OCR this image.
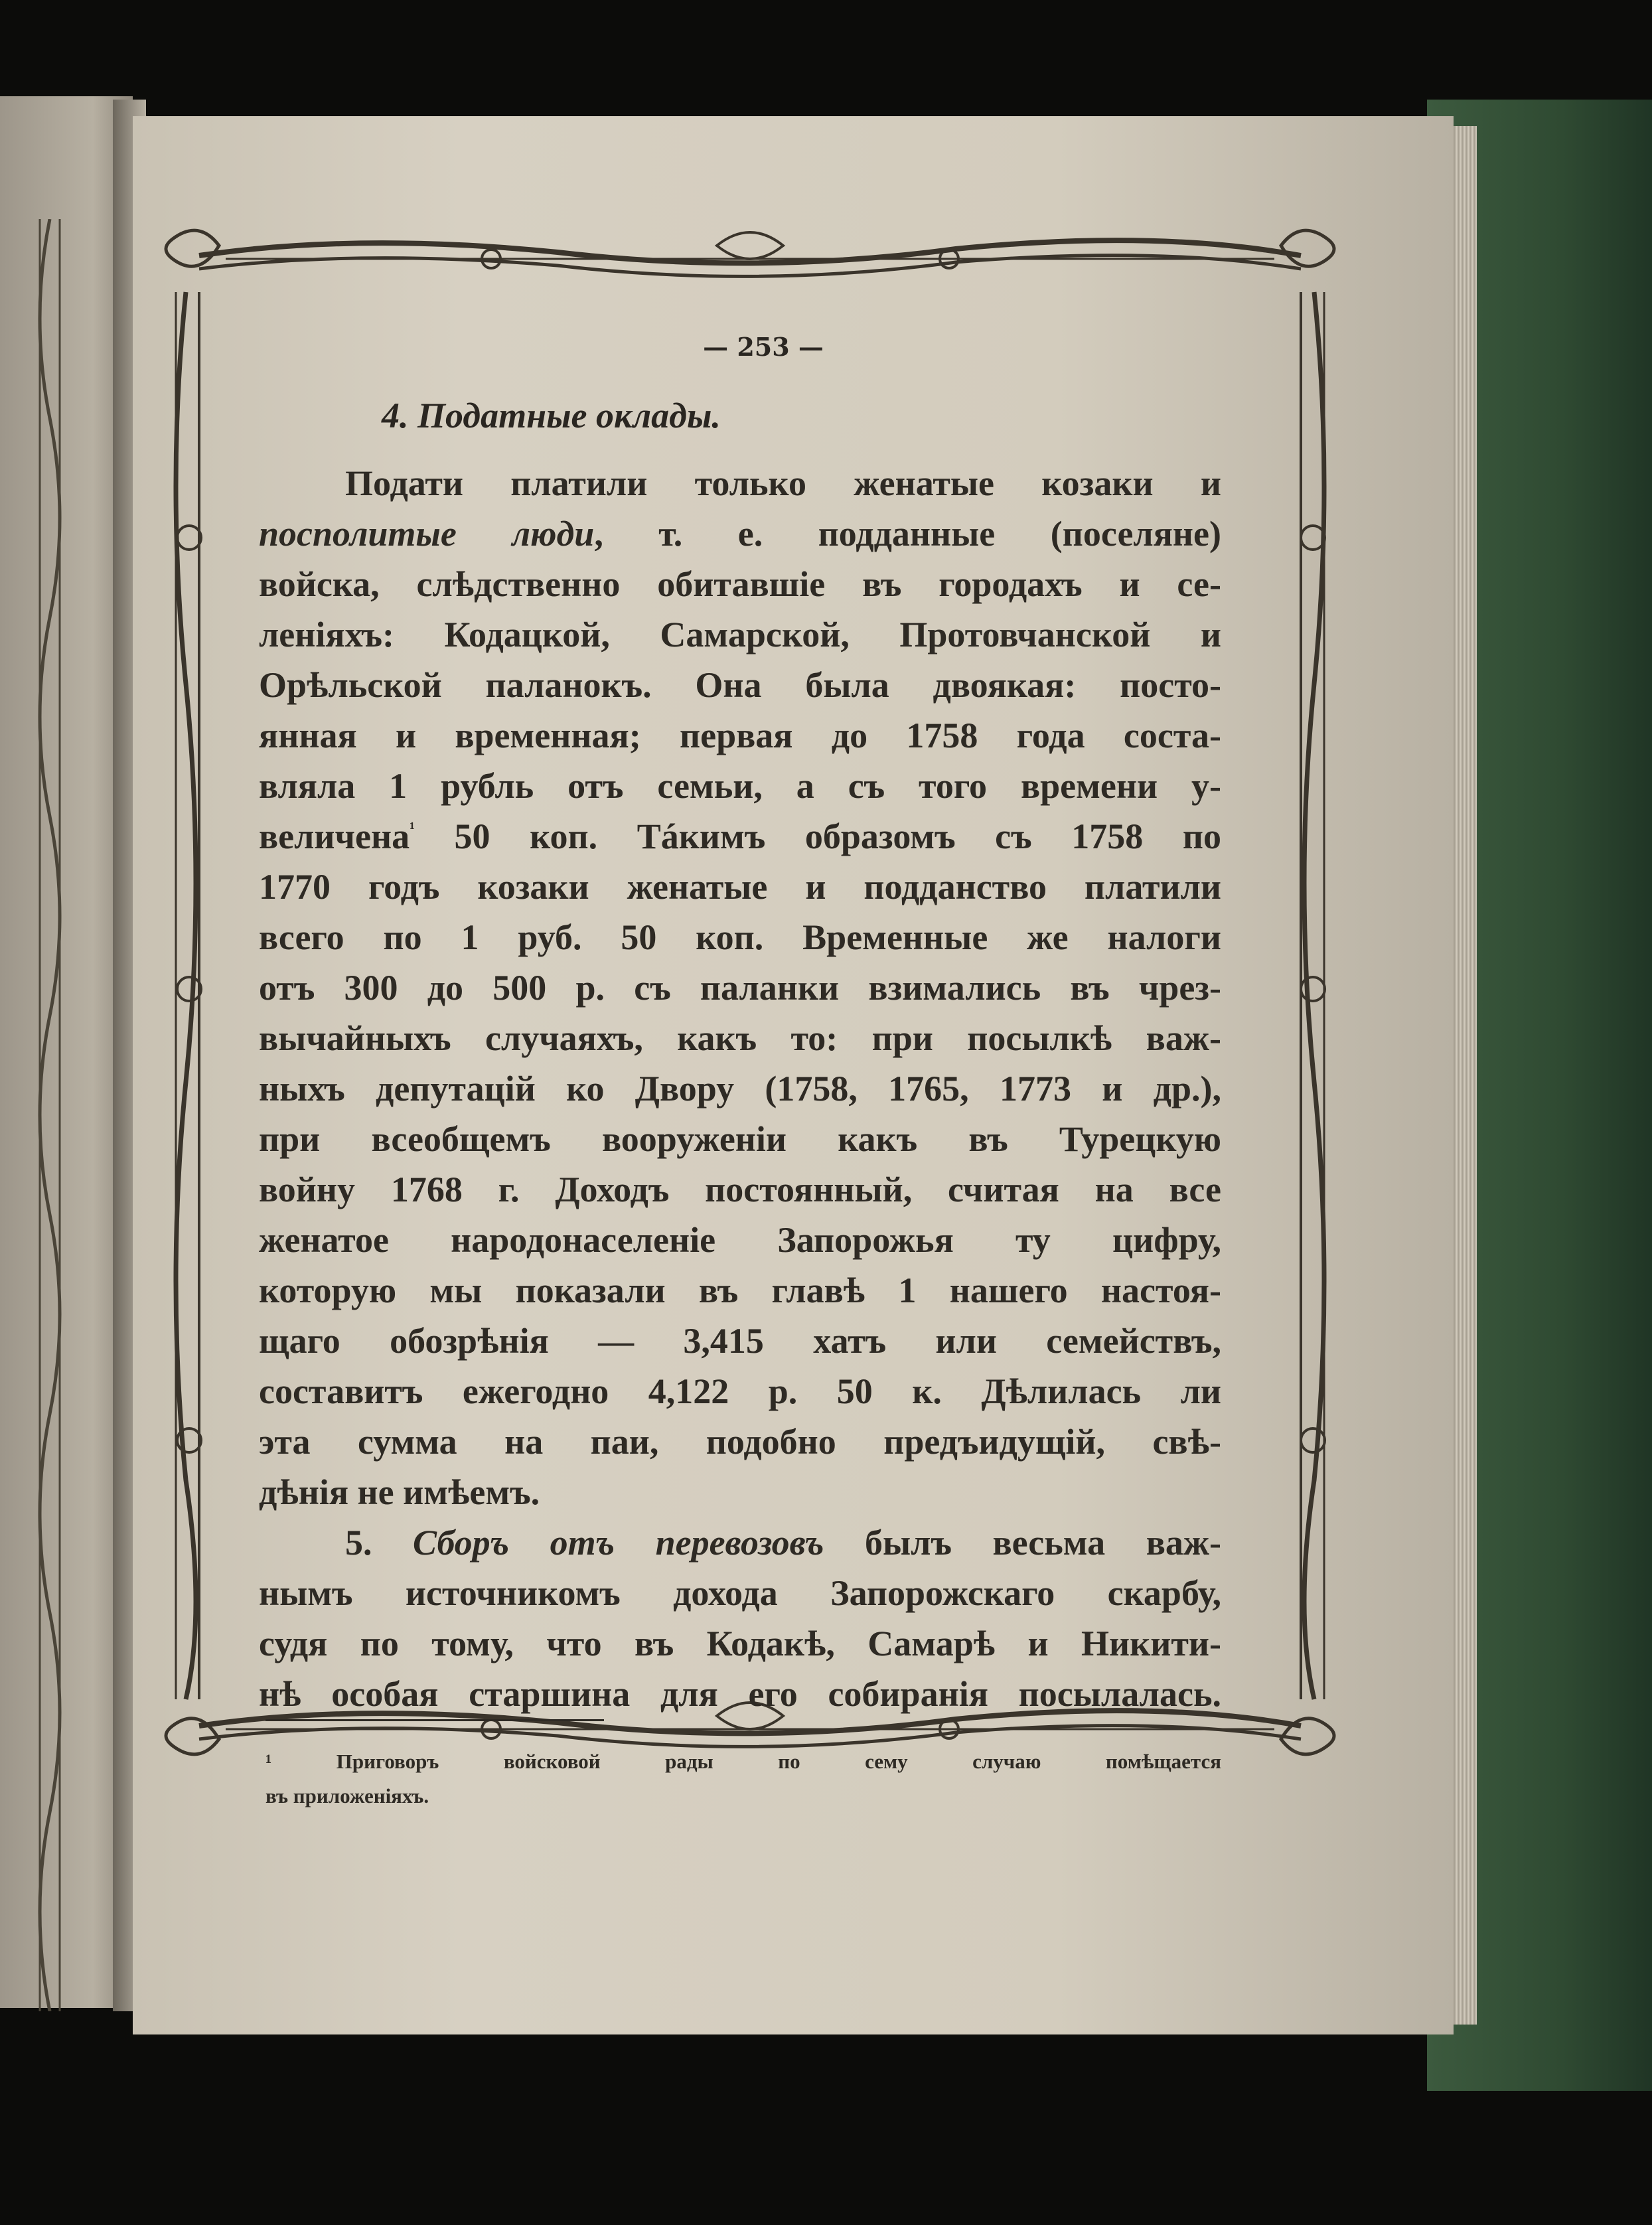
— 253 —
4. Податные оклады.
Подати платили только женатые козаки и
посполитые люди, т. е. подданные (поселяне)
войска, слѣдственно обитавшiе въ городахъ и се-
ленiяхъ: Кодацкой, Самарской, Протовчанской и
Орѣльской паланокъ. Она была двоякая: посто-
янная и временная; первая до 1758 года соста-
вляла 1 рубль отъ семьи, а съ того времени у-
величена$^{^1}$ 50 коп. Тáкимъ образомъ съ 1758 по
1770 годъ козаки женатые и подданство платили
всего по 1 руб. 50 коп. Временные же налоги
отъ 300 до 500 р. съ паланки взимались въ чрез-
вычайныхъ случаяхъ, какъ то: при посылкѣ важ-
ныхъ депутацiй ко Двору (1758, 1765, 1773 и др.),
при всеобщемъ вооруженiи какъ въ Турецкую
войну 1768 г. Доходъ постоянный, считая на все
женатое народонаселенiе Запорожья ту цифру,
которую мы показали въ главѣ 1 нашего настоя-
щаго обозрѣнiя — 3,415 хатъ или семействъ,
составитъ ежегодно 4,122 р. 50 к. Дѣлилась ли
эта сумма на паи, подобно предъидущiй, свѣ-
дѣнiя не имѣемъ.
5. Сборъ отъ перевозовъ былъ весьма важ-
нымъ источникомъ дохода Запорожскаго скарбу,
судя по тому, что въ Кодакѣ, Самарѣ и Никити-
нѣ особая старшина для его собиранiя посылалась.
¹ Приговоръ войсковой рады по сему случаю помѣщается
въ приложенiяхъ.
